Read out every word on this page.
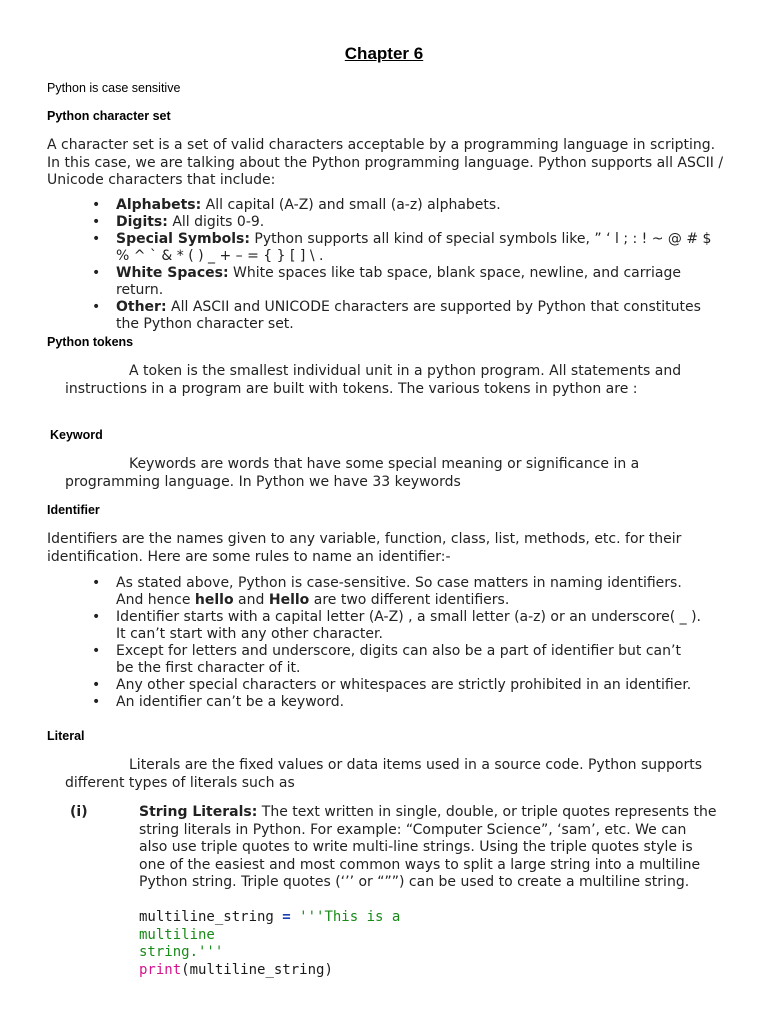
Chapter 6
Python is case sensitive
Python character set

A character set is a set of valid characters acceptable by a programming language in scripting. In this case, we are talking about the Python programming language. Python supports all ASCII / Unicode characters that include:

• Alphabets: All capital (A-Z) and small (a-z) alphabets.
• Digits: All digits 0-9.
• Special Symbols: Python supports all kind of special symbols like, ” ‘ l ; : ! ~ @ # $ % ^ ` & * ( ) _ + – = { } [ ] \ .
• White Spaces: White spaces like tab space, blank space, newline, and carriage return.
• Other: All ASCII and UNICODE characters are supported by Python that constitutes the Python character set.
Python tokens

A token is the smallest individual unit in a python program. All statements and instructions in a program are built with tokens. The various tokens in python are :

Keyword

Keywords are words that have some special meaning or significance in a programming language. In Python we have 33 keywords

Identifier

Identifiers are the names given to any variable, function, class, list, methods, etc. for their identification. Here are some rules to name an identifier:-

• As stated above, Python is case-sensitive. So case matters in naming identifiers. And hence hello and Hello are two different identifiers.
• Identifier starts with a capital letter (A-Z) , a small letter (a-z) or an underscore( _ ). It can’t start with any other character.
• Except for letters and underscore, digits can also be a part of identifier but can’t be the first character of it.
• Any other special characters or whitespaces are strictly prohibited in an identifier.
• An identifier can’t be a keyword.
Literal

Literals are the fixed values or data items used in a source code. Python supports different types of literals such as

(i)	String Literals: The text written in single, double, or triple quotes represents the string literals in Python. For example: “Computer Science”, ‘sam’, etc. We can also use triple quotes to write multi-line strings. Using the triple quotes style is one of the easiest and most common ways to split a large string into a multiline Python string. Triple quotes (‘’’ or “””) can be used to create a multiline string.

multiline_string = '''This is a
multiline
string.'''
print(multiline_string)
